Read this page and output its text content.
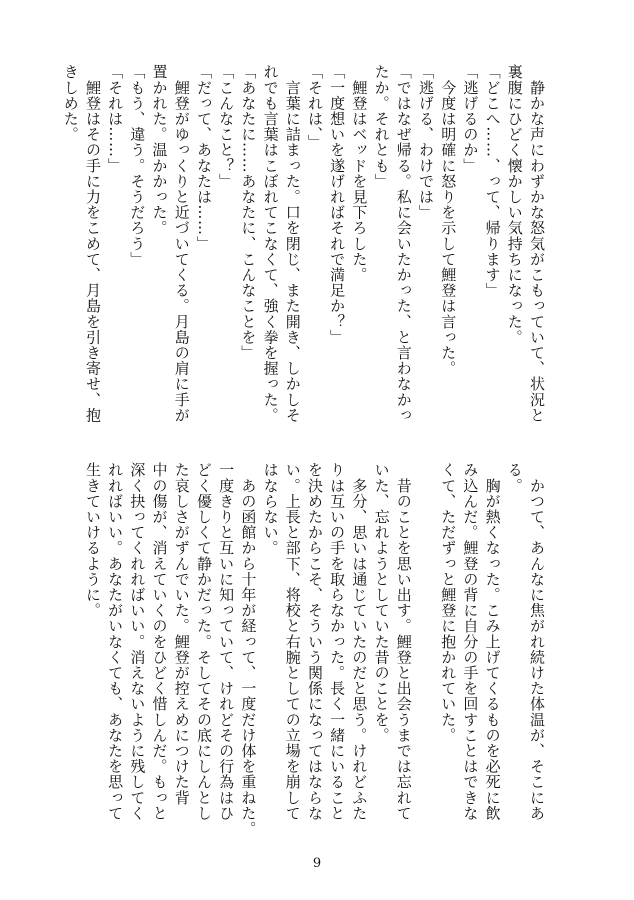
　静かな声にわずかな怒気がこもっていて、状況と
裏腹にひどく懐かしい気持ちになった。
「どこへ……、って、帰ります」
「逃げるのか」
　今度は明確に怒りを示して鯉登は言った。
「逃げる、わけでは」
「ではなぜ帰る。私に会いたかった、と言わなかっ
たか。それとも」
　鯉登はベッドを見下ろした。
「一度想いを遂げればそれで満足か？」
「それは、」
　言葉に詰まった。口を閉じ、また開き、しかしそ
れでも言葉はこぼれてこなくて、強く拳を握った。
「あなたに……あなたに、こんなことを」
「こんなこと？」
「だって、あなたは……」
　鯉登がゆっくりと近づいてくる。月島の肩に手が
置かれた。温かかった。
「もう、違う。そうだろう」
「それは……」
　鯉登はその手に力をこめて、月島を引き寄せ、抱
きしめた。
　かつて、あんなに焦がれ続けた体温が、そこにあ
る。
　胸が熱くなった。こみ上げてくるものを必死に飲
み込んだ。鯉登の背に自分の手を回すことはできな
くて、ただずっと鯉登に抱かれていた。

　昔のことを思い出す。鯉登と出会うまでは忘れて
いた、忘れようとしていた昔のことを。
　多分、思いは通じていたのだと思う。けれどふた
りは互いの手を取らなかった。長く一緒にいること
を決めたからこそ、そういう関係になってはならな
い。上長と部下、将校と右腕としての立場を崩して
はならない。
　あの函館から十年が経って、一度だけ体を重ねた。
一度きりと互いに知っていて、けれどその行為はひ
どく優しくて静かだった。そしてその底にしんとし
た哀しさがずんでいた。鯉登が控えめにつけた背
中の傷が、消えていくのをひどく惜しんだ。もっと
深く抉ってくれればいい。消えないように残してく
れればいい。あなたがいなくても、あなたを思って
生きていけるように。
9
